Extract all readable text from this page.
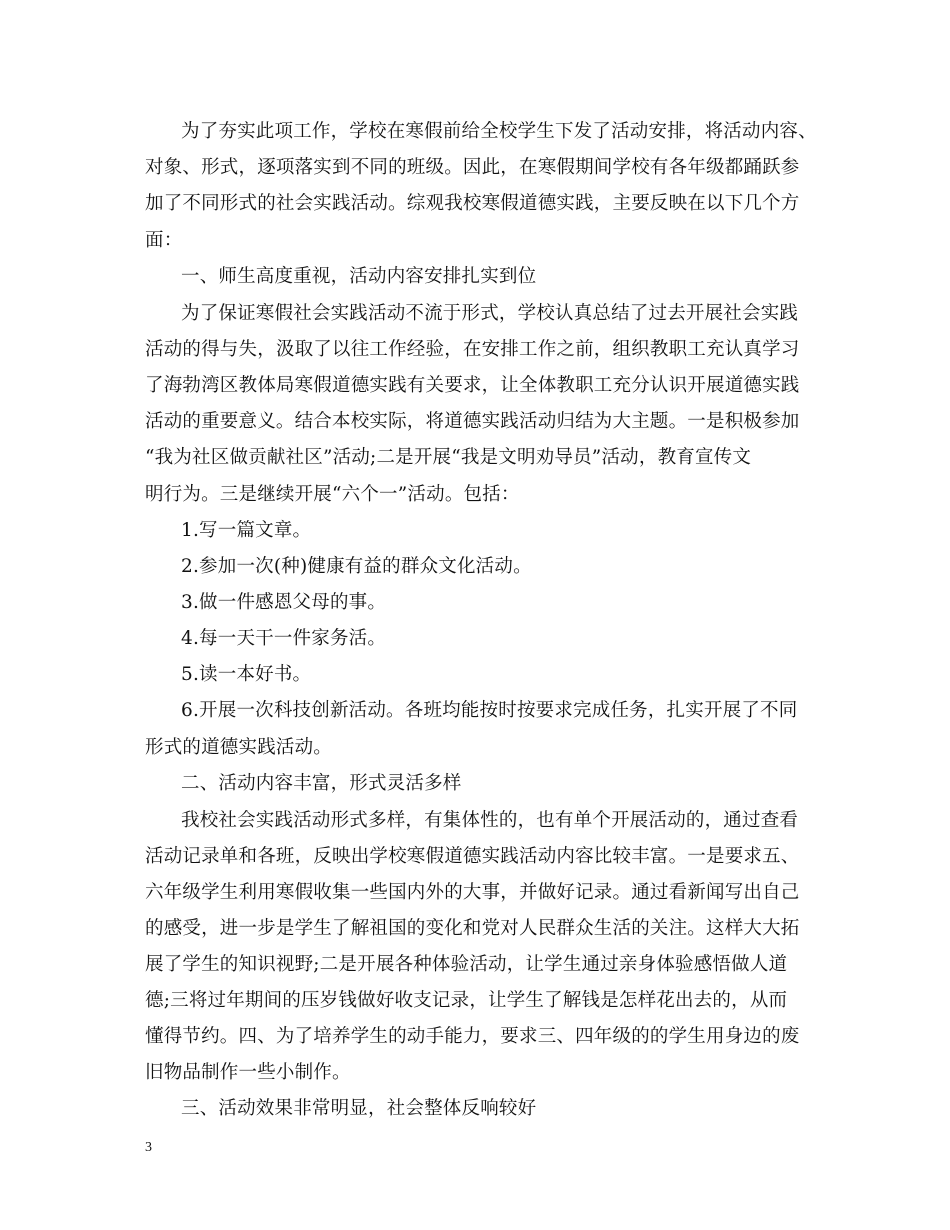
为了夯实此项工作，学校在寒假前给全校学生下发了活动安排，将活动内容、
对象、形式，逐项落实到不同的班级。因此，在寒假期间学校有各年级都踊跃参
加了不同形式的社会实践活动。综观我校寒假道德实践，主要反映在以下几个方
面：
一、师生高度重视，活动内容安排扎实到位
为了保证寒假社会实践活动不流于形式，学校认真总结了过去开展社会实践
活动的得与失，汲取了以往工作经验，在安排工作之前，组织教职工充认真学习
了海勃湾区教体局寒假道德实践有关要求，让全体教职工充分认识开展道德实践
活动的重要意义。结合本校实际，将道德实践活动归结为大主题。一是积极参加
“我为社区做贡献社区”活动;二是开展“我是文明劝导员”活动，教育宣传文
明行为。三是继续开展“六个一”活动。包括：
1.写一篇文章。
2.参加一次(种)健康有益的群众文化活动。
3.做一件感恩父母的事。
4.每一天干一件家务活。
5.读一本好书。
6.开展一次科技创新活动。各班均能按时按要求完成任务，扎实开展了不同
形式的道德实践活动。
二、活动内容丰富，形式灵活多样
我校社会实践活动形式多样，有集体性的，也有单个开展活动的，通过查看
活动记录单和各班，反映出学校寒假道德实践活动内容比较丰富。一是要求五、
六年级学生利用寒假收集一些国内外的大事，并做好记录。通过看新闻写出自己
的感受，进一步是学生了解祖国的变化和党对人民群众生活的关注。这样大大拓
展了学生的知识视野;二是开展各种体验活动，让学生通过亲身体验感悟做人道
德;三将过年期间的压岁钱做好收支记录，让学生了解钱是怎样花出去的，从而
懂得节约。四、为了培养学生的动手能力，要求三、四年级的的学生用身边的废
旧物品制作一些小制作。
三、活动效果非常明显，社会整体反响较好
3
